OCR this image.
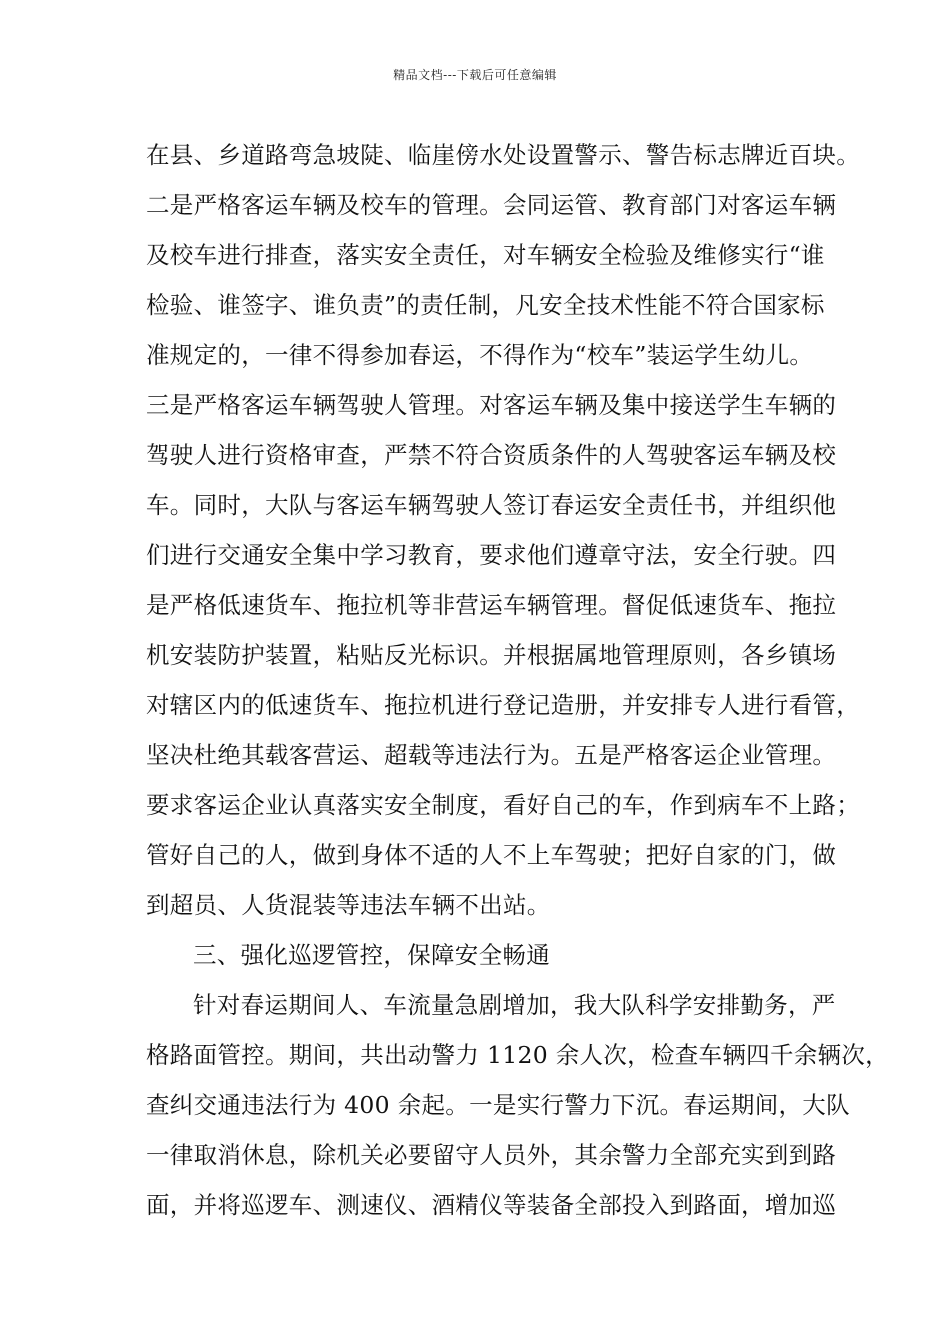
精品文档---下载后可任意编辑
在县、乡道路弯急坡陡、临崖傍水处设置警示、警告标志牌近百块。
二是严格客运车辆及校车的管理。会同运管、教育部门对客运车辆
及校车进行排查，落实安全责任，对车辆安全检验及维修实行“谁
检验、谁签字、谁负责”的责任制，凡安全技术性能不符合国家标
准规定的，一律不得参加春运，不得作为“校车”装运学生幼儿。
三是严格客运车辆驾驶人管理。对客运车辆及集中接送学生车辆的
驾驶人进行资格审查，严禁不符合资质条件的人驾驶客运车辆及校
车。同时，大队与客运车辆驾驶人签订春运安全责任书，并组织他
们进行交通安全集中学习教育，要求他们遵章守法，安全行驶。四
是严格低速货车、拖拉机等非营运车辆管理。督促低速货车、拖拉
机安装防护装置，粘贴反光标识。并根据属地管理原则，各乡镇场
对辖区内的低速货车、拖拉机进行登记造册，并安排专人进行看管，
坚决杜绝其载客营运、超载等违法行为。五是严格客运企业管理。
要求客运企业认真落实安全制度，看好自己的车，作到病车不上路；
管好自己的人，做到身体不适的人不上车驾驶；把好自家的门，做
到超员、人货混装等违法车辆不出站。
三、强化巡逻管控，保障安全畅通
针对春运期间人、车流量急剧增加，我大队科学安排勤务，严
格路面管控。期间，共出动警力 1120 余人次，检查车辆四千余辆次，
查纠交通违法行为 400 余起。一是实行警力下沉。春运期间，大队
一律取消休息，除机关必要留守人员外，其余警力全部充实到到路
面，并将巡逻车、测速仪、酒精仪等装备全部投入到路面，增加巡
